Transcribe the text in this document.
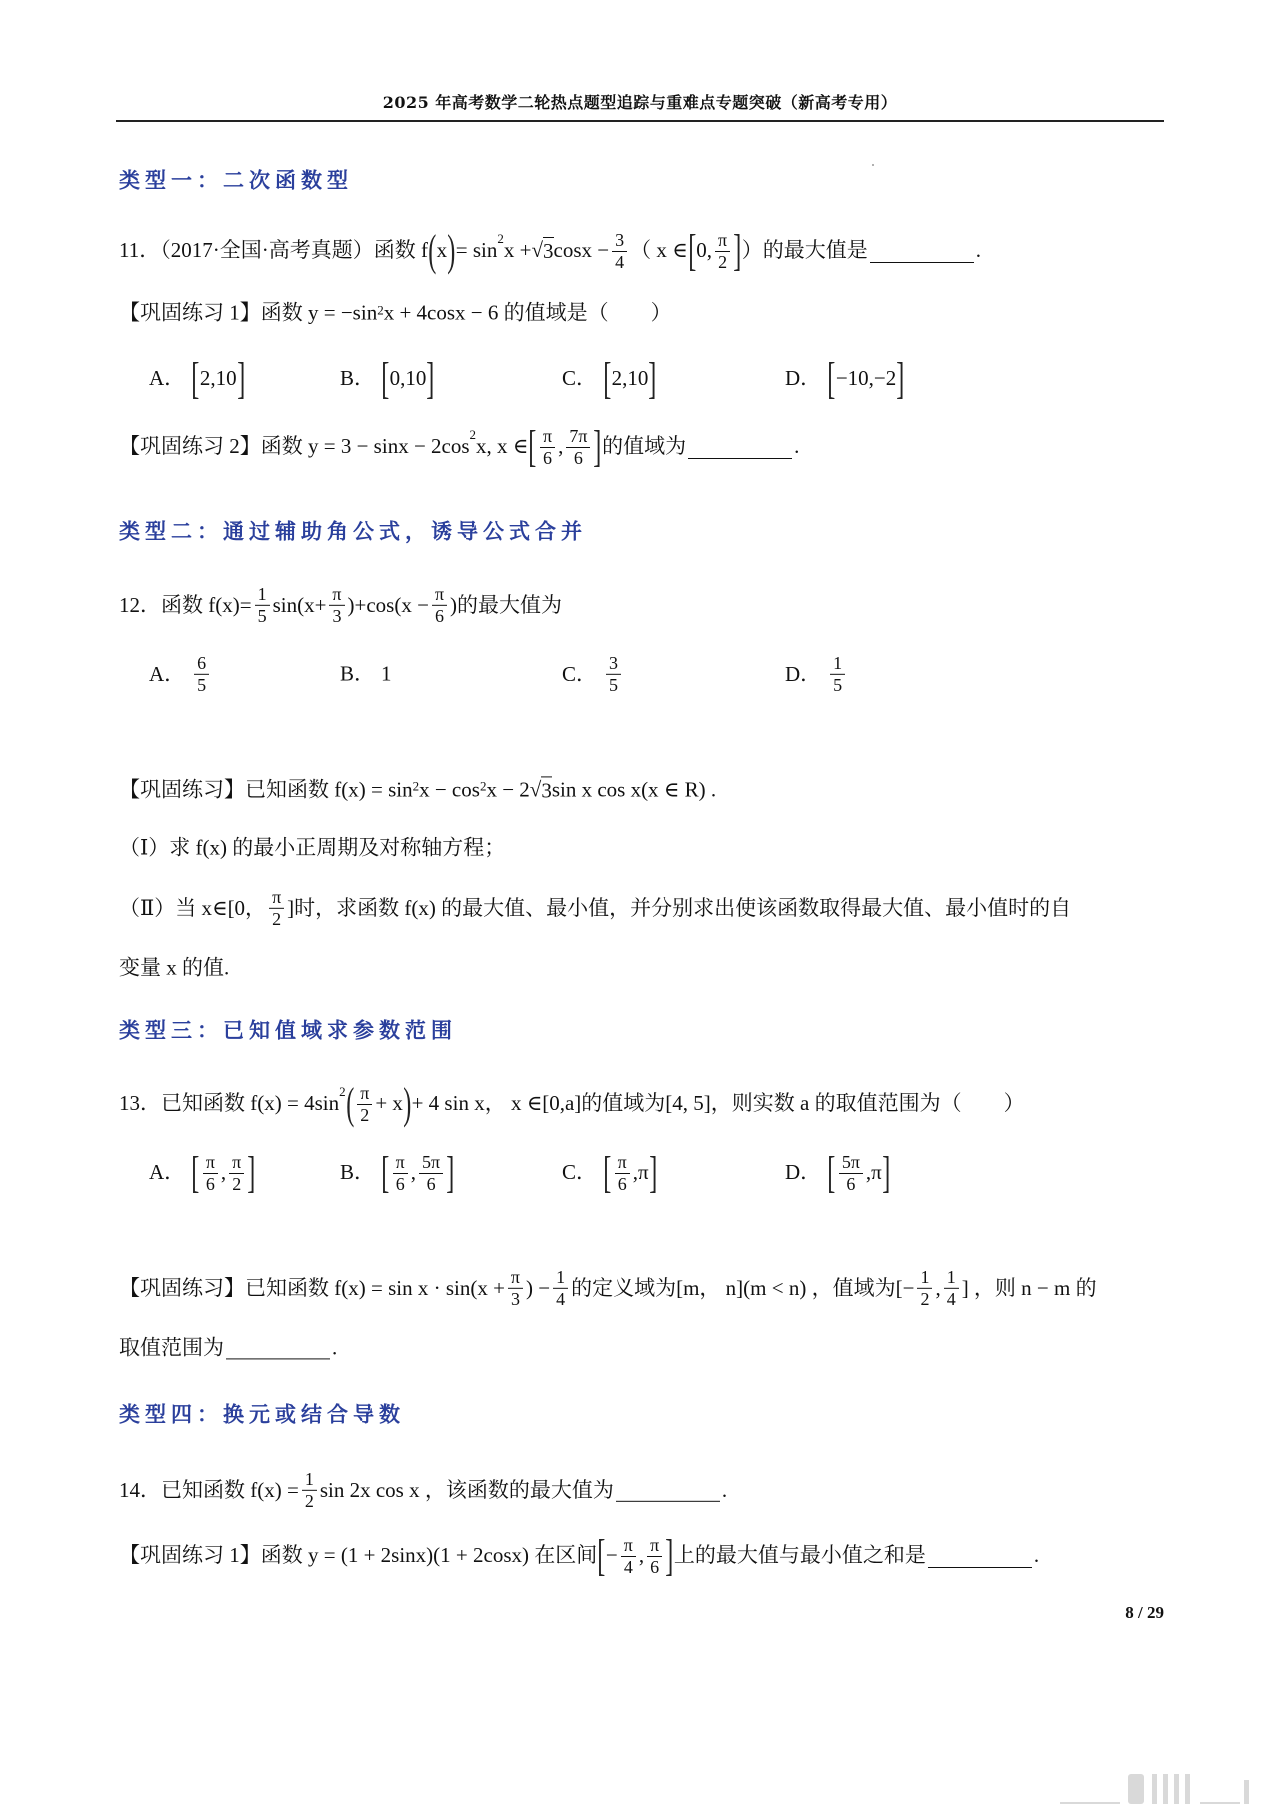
2025 年高考数学二轮热点题型追踪与重难点专题突破（新高考专用）
类型一：二次函数型
11．（2017·全国·高考真题）函数 f ( x ) = $\sin^2 x$ + √ 3 $\cos x - \frac{3}{4}$ （ x ∈ [ 0, $\frac{\pi}{2}$ ] ）的最大值是	.
【巩固练习 1】函数 y = −sin 2 x + 4cosx − 6 的值域是（　　）
A． [ 2,10 ]	B． [ 0,10 ]	C． [ 2,10 ]	D． [ −10,−2 ]
【巩固练习 2】函数 $y = 3 - \sin x - 2\cos^2$ x, x ∈ [ $\frac{\pi}{6}$ , $\frac{7\pi}{6}$ ] 的值域为	.
类型二：通过辅助角公式，诱导公式合并
12．函数 $f(x)= \frac{1}{5} \sin(x+ \frac{\pi}{3} )+\cos(x - \frac{\pi}{6}$ )的最大值为
A． $\frac{6}{5}$	B． 1	C． $\frac{3}{5}$	D． $\frac{1}{5}$
【巩固练习】已知函数 f(x) = sin 2 x − cos 2 x − 2 √ 3 sin x cos x(x ∈ R) .
（Ⅰ）求 f(x) 的最小正周期及对称轴方程；
（Ⅱ）当 x∈[0， $\frac{\pi}{2}$ ]时，求函数 f(x) 的最大值、最小值，并分别求出使该函数取得最大值、最小值时的自
变量 x 的值.
类型三：已知值域求参数范围
13．已知函数 $f(x) = 4\sin^2$ ( $\frac{\pi}{2} + x$ ) + 4 sin x， x ∈[0,a]的值域为[4, 5]，则实数 a 的取值范围为（　　）
A． [ $\frac{\pi}{6}$ , $\frac{\pi}{2}$ ]	B． [ $\frac{\pi}{6}$ , $\frac{5\pi}{6}$ ]	C． [ $\frac{\pi}{6} ,\pi$ ]	D． [ $\frac{5\pi}{6} ,\pi$ ]
【巩固练习】已知函数 $f(x) = \sin x \cdot \sin(x + \frac{\pi}{3}$ ) − $\frac{1}{4}$ 的定义域为[m， n](m < n) ，值域为[− $\frac{1}{2}$ , $\frac{1}{4}$ ] ，则 n − m 的
取值范围为	.
类型四：换元或结合导数
14．已知函数 $f(x) = \frac{1}{2}$ sin 2x cos x ，该函数的最大值为	.
【巩固练习 1】函数 y = (1 + 2sinx)(1 + 2cosx) 在区间 [ − $\frac{\pi}{4}$ , $\frac{\pi}{6}$ ] 上的最大值与最小值之和是	.
8 / 29
